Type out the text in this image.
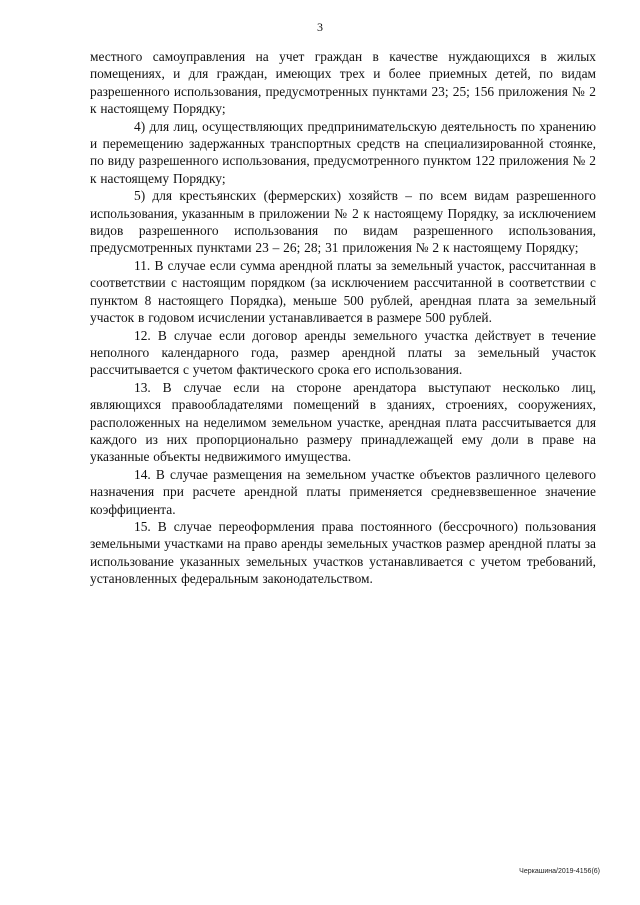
3

местного самоуправления на учет граждан в качестве нуждающихся в жилых помещениях, и для граждан, имеющих трех и более приемных детей, по видам разрешенного использования, предусмотренных пунктами 23; 25; 156 приложения № 2 к настоящему Порядку;

4) для лиц, осуществляющих предпринимательскую деятельность по хранению и перемещению задержанных транспортных средств на специализированной стоянке, по виду разрешенного использования, предусмотренного пунктом 122 приложения № 2 к настоящему Порядку;

5) для крестьянских (фермерских) хозяйств – по всем видам разрешенного использования, указанным в приложении № 2 к настоящему Порядку, за исключением видов разрешенного использования по видам разрешенного использования, предусмотренных пунктами 23 – 26; 28; 31 приложения № 2 к настоящему Порядку;

11. В случае если сумма арендной платы за земельный участок, рассчитанная в соответствии с настоящим порядком (за исключением рассчитанной в соответствии с пунктом 8 настоящего Порядка), меньше 500 рублей, арендная плата за земельный участок в годовом исчислении устанавливается в размере 500 рублей.

12. В случае если договор аренды земельного участка действует в течение неполного календарного года, размер арендной платы за земельный участок рассчитывается с учетом фактического срока его использования.

13. В случае если на стороне арендатора выступают несколько лиц, являющихся правообладателями помещений в зданиях, строениях, сооружениях, расположенных на неделимом земельном участке, арендная плата рассчитывается для каждого из них пропорционально размеру принадлежащей ему доли в праве на указанные объекты недвижимого имущества.

14. В случае размещения на земельном участке объектов различного целевого назначения при расчете арендной платы применяется средневзвешенное значение коэффициента.

15. В случае переоформления права постоянного (бессрочного) пользования земельными участками на право аренды земельных участков размер арендной платы за использование указанных земельных участков устанавливается с учетом требований, установленных федеральным законодательством.

Черкашина/2019-4156(6)
